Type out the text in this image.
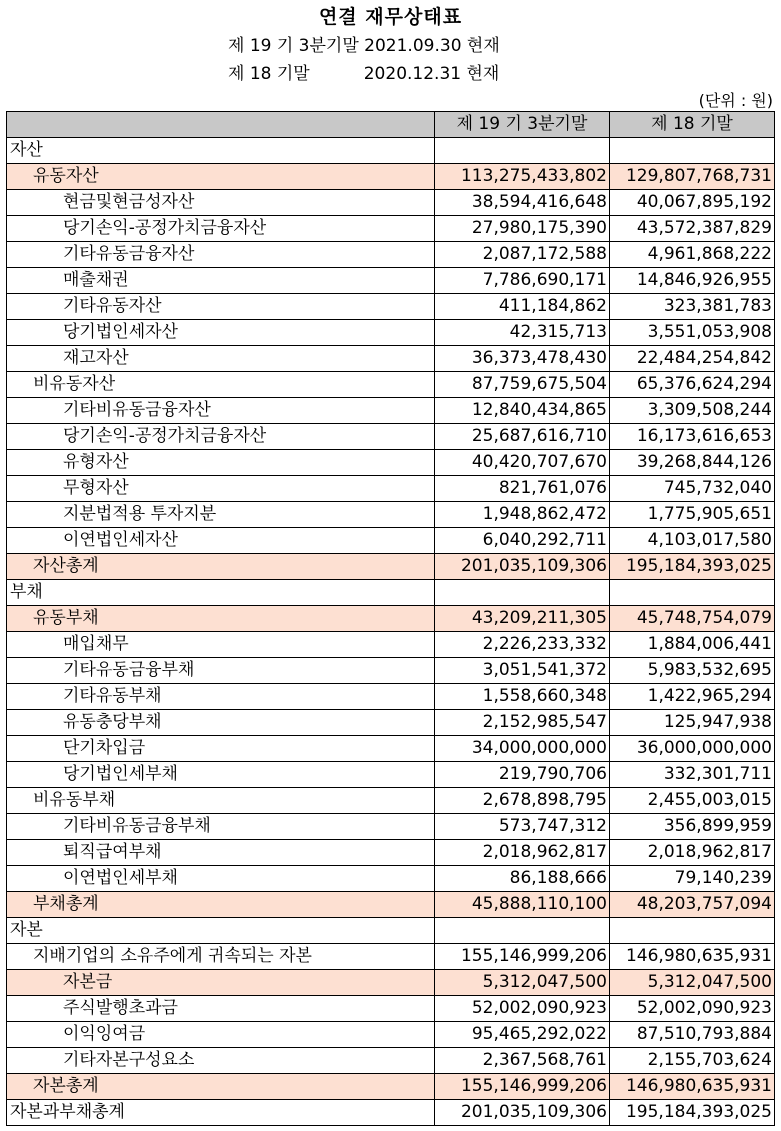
연결 재무상태표
제 19 기 3분기말 2021.09.30 현재
제 18 기말          2020.12.31 현재
(단위 : 원)
	제 19 기 3분기말	제 18 기말
자산		
유동자산	113,275,433,802	129,807,768,731
현금및현금성자산	38,594,416,648	40,067,895,192
당기손익-공정가치금융자산	27,980,175,390	43,572,387,829
기타유동금융자산	2,087,172,588	4,961,868,222
매출채권	7,786,690,171	14,846,926,955
기타유동자산	411,184,862	323,381,783
당기법인세자산	42,315,713	3,551,053,908
재고자산	36,373,478,430	22,484,254,842
비유동자산	87,759,675,504	65,376,624,294
기타비유동금융자산	12,840,434,865	3,309,508,244
당기손익-공정가치금융자산	25,687,616,710	16,173,616,653
유형자산	40,420,707,670	39,268,844,126
무형자산	821,761,076	745,732,040
지분법적용 투자지분	1,948,862,472	1,775,905,651
이연법인세자산	6,040,292,711	4,103,017,580
자산총계	201,035,109,306	195,184,393,025
부채		
유동부채	43,209,211,305	45,748,754,079
매입채무	2,226,233,332	1,884,006,441
기타유동금융부채	3,051,541,372	5,983,532,695
기타유동부채	1,558,660,348	1,422,965,294
유동충당부채	2,152,985,547	125,947,938
단기차입금	34,000,000,000	36,000,000,000
당기법인세부채	219,790,706	332,301,711
비유동부채	2,678,898,795	2,455,003,015
기타비유동금융부채	573,747,312	356,899,959
퇴직급여부채	2,018,962,817	2,018,962,817
이연법인세부채	86,188,666	79,140,239
부채총계	45,888,110,100	48,203,757,094
자본		
지배기업의 소유주에게 귀속되는 자본	155,146,999,206	146,980,635,931
자본금	5,312,047,500	5,312,047,500
주식발행초과금	52,002,090,923	52,002,090,923
이익잉여금	95,465,292,022	87,510,793,884
기타자본구성요소	2,367,568,761	2,155,703,624
자본총계	155,146,999,206	146,980,635,931
자본과부채총계	201,035,109,306	195,184,393,025
